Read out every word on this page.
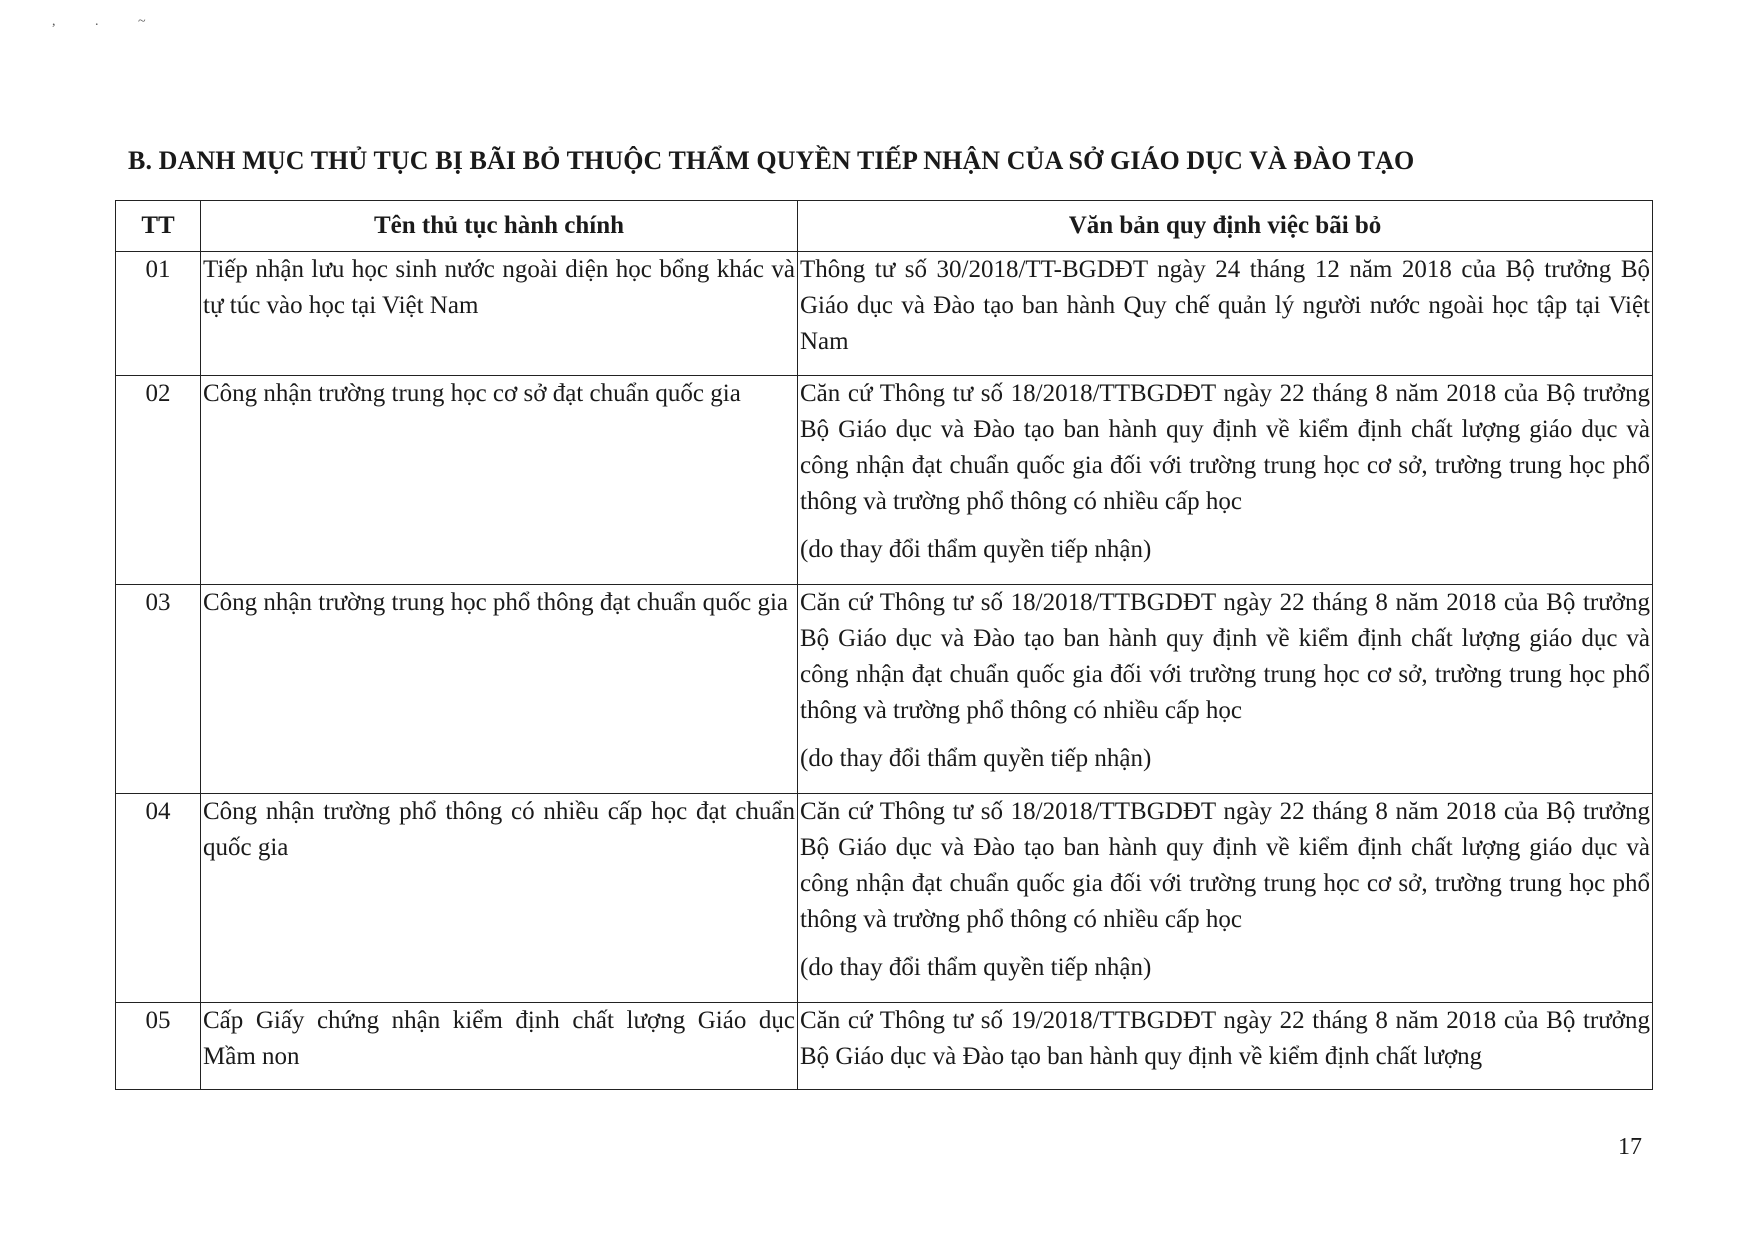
, . ~
B. DANH MỤC THỦ TỤC BỊ BÃI BỎ THUỘC THẨM QUYỀN TIẾP NHẬN CỦA SỞ GIÁO DỤC VÀ ĐÀO TẠO
TT	Tên thủ tục hành chính	Văn bản quy định việc bãi bỏ
01	Tiếp nhận lưu học sinh nước ngoài diện học bổng khác và tự túc vào học tại Việt Nam	Thông tư số 30/2018/TT-BGDĐT ngày 24 tháng 12 năm 2018 của Bộ trưởng Bộ Giáo dục và Đào tạo ban hành Quy chế quản lý người nước ngoài học tập tại Việt Nam
02	Công nhận trường trung học cơ sở đạt chuẩn quốc gia	Căn cứ Thông tư số 18/2018/TTBGDĐT ngày 22 tháng 8 năm 2018 của Bộ trưởng Bộ Giáo dục và Đào tạo ban hành quy định về kiểm định chất lượng giáo dục và công nhận đạt chuẩn quốc gia đối với trường trung học cơ sở, trường trung học phổ thông và trường phổ thông có nhiều cấp học
(do thay đổi thẩm quyền tiếp nhận)

03	Công nhận trường trung học phổ thông đạt chuẩn quốc gia	Căn cứ Thông tư số 18/2018/TTBGDĐT ngày 22 tháng 8 năm 2018 của Bộ trưởng Bộ Giáo dục và Đào tạo ban hành quy định về kiểm định chất lượng giáo dục và công nhận đạt chuẩn quốc gia đối với trường trung học cơ sở, trường trung học phổ thông và trường phổ thông có nhiều cấp học
(do thay đổi thẩm quyền tiếp nhận)

04	Công nhận trường phổ thông có nhiều cấp học đạt chuẩn quốc gia	Căn cứ Thông tư số 18/2018/TTBGDĐT ngày 22 tháng 8 năm 2018 của Bộ trưởng Bộ Giáo dục và Đào tạo ban hành quy định về kiểm định chất lượng giáo dục và công nhận đạt chuẩn quốc gia đối với trường trung học cơ sở, trường trung học phổ thông và trường phổ thông có nhiều cấp học
(do thay đổi thẩm quyền tiếp nhận)

05	Cấp Giấy chứng nhận kiểm định chất lượng Giáo dục Mầm non	Căn cứ Thông tư số 19/2018/TTBGDĐT ngày 22 tháng 8 năm 2018 của Bộ trưởng Bộ Giáo dục và Đào tạo ban hành quy định về kiểm định chất lượng
17
